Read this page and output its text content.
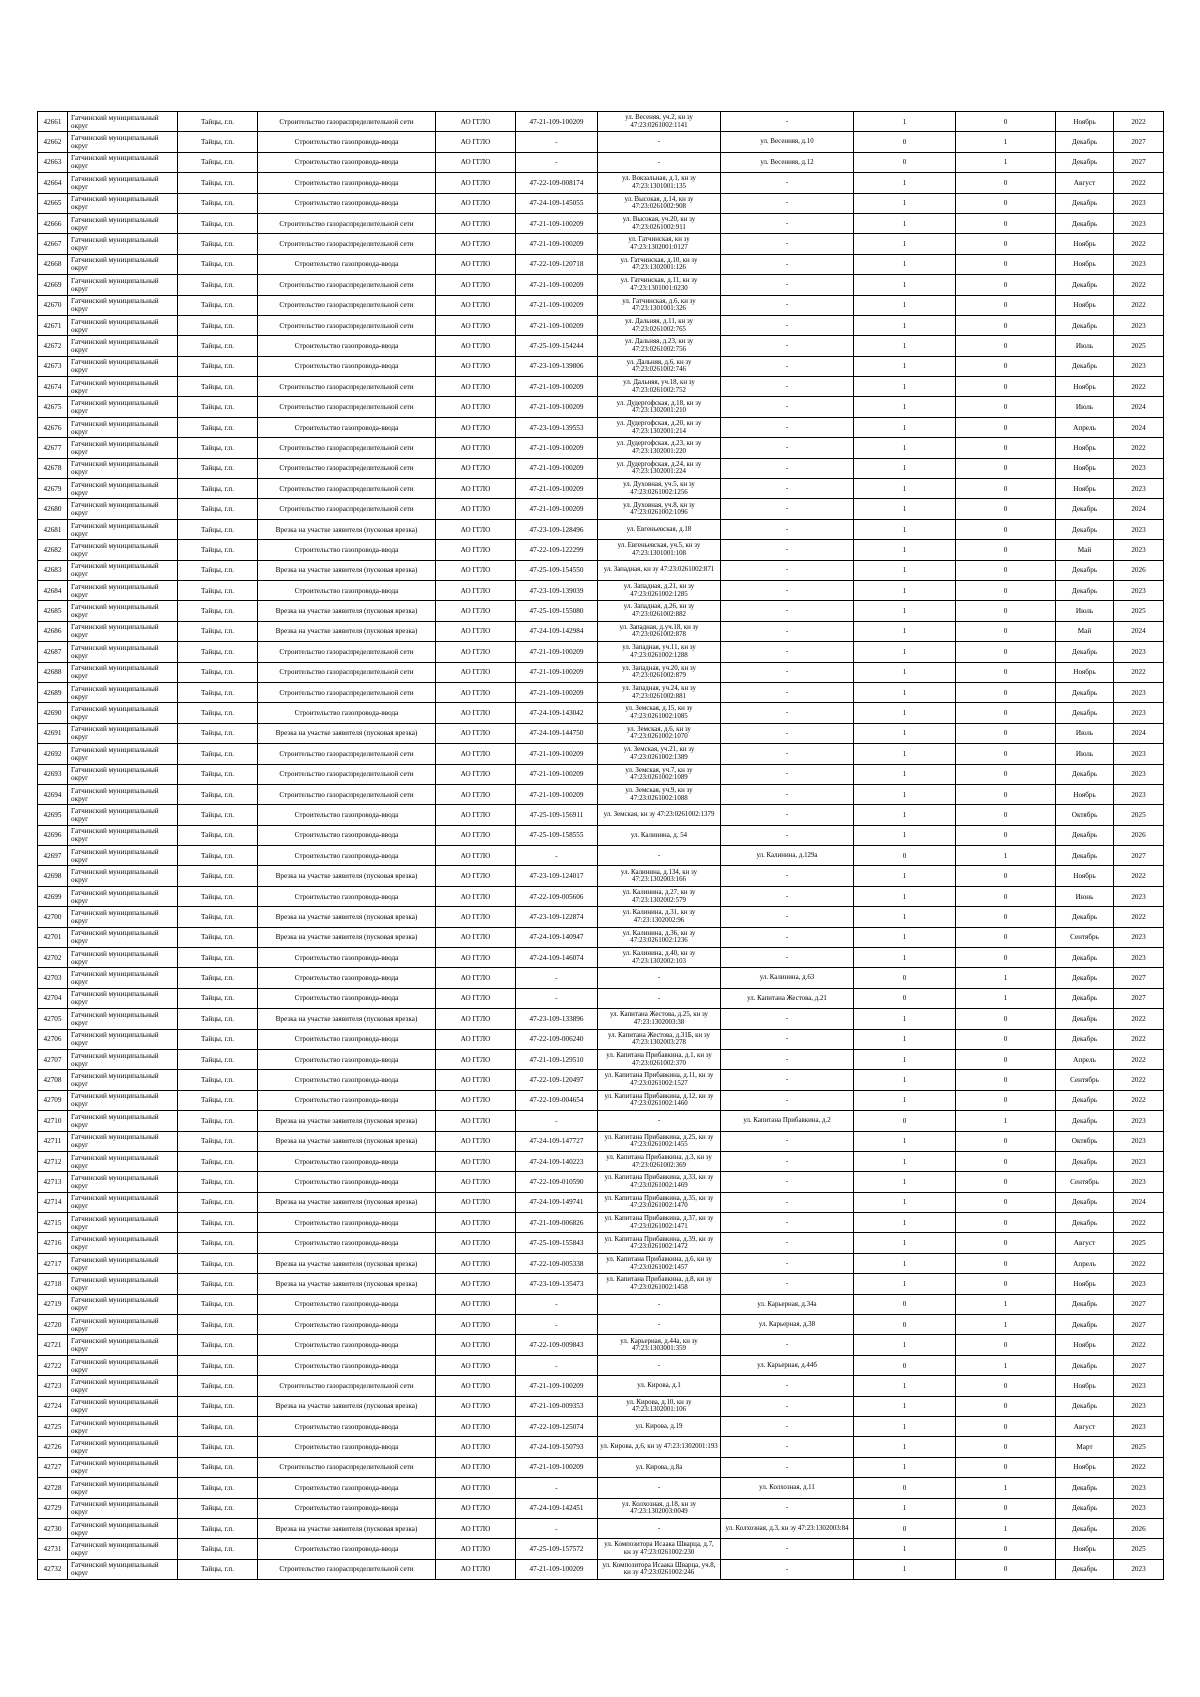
42661	Гатчинский муниципальный округ	Тайцы, г.п.	Строительство газораспределительной сети	АО ГГЛО	47-21-109-100209	ул. Весеняя, уч.2, кн зу 47:23:0261002:1141	-	1	0	Ноябрь	2022
42662	Гатчинский муниципальный округ	Тайцы, г.п.	Строительство газопровода-ввода	АО ГГЛО	-	-	ул. Весенняя, д.10	0	1	Декабрь	2027
42663	Гатчинский муниципальный округ	Тайцы, г.п.	Строительство газопровода-ввода	АО ГГЛО	-	-	ул. Весенняя, д.12	0	1	Декабрь	2027
42664	Гатчинский муниципальный округ	Тайцы, г.п.	Строительство газопровода-ввода	АО ГГЛО	47-22-109-008174	ул. Вокзальная, д.1, кн зу 47:23:1301001:135	-	1	0	Август	2022
42665	Гатчинский муниципальный округ	Тайцы, г.п.	Строительство газопровода-ввода	АО ГГЛО	47-24-109-145055	ул. Высокая, д.14, кн зу 47:23:0261002:908	-	1	0	Декабрь	2023
42666	Гатчинский муниципальный округ	Тайцы, г.п.	Строительство газораспределительной сети	АО ГГЛО	47-21-109-100209	ул. Высокая, уч.20, кн зу 47:23:0261002:911	-	1	0	Декабрь	2023
42667	Гатчинский муниципальный округ	Тайцы, г.п.	Строительство газораспределительной сети	АО ГГЛО	47-21-109-100209	ул. Гатчинская, кн зу 47:23:1302001:0127	-	1	0	Ноябрь	2022
42668	Гатчинский муниципальный округ	Тайцы, г.п.	Строительство газопровода-ввода	АО ГГЛО	47-22-109-120718	ул. Гатчинская, д.10, кн зу 47:23:1302001:126	-	1	0	Ноябрь	2023
42669	Гатчинский муниципальный округ	Тайцы, г.п.	Строительство газораспределительной сети	АО ГГЛО	47-21-109-100209	ул. Гатчинская, д.11, кн зу 47:23:1301001:0230	-	1	0	Декабрь	2022
42670	Гатчинский муниципальный округ	Тайцы, г.п.	Строительство газораспределительной сети	АО ГГЛО	47-21-109-100209	ул. Гатчинская, д.6, кн зу 47:23:1301001:326	-	1	0	Ноябрь	2022
42671	Гатчинский муниципальный округ	Тайцы, г.п.	Строительство газораспределительной сети	АО ГГЛО	47-21-109-100209	ул. Дальняя, д.11, кн зу 47:23:0261002:765	-	1	0	Декабрь	2023
42672	Гатчинский муниципальный округ	Тайцы, г.п.	Строительство газопровода-ввода	АО ГГЛО	47-25-109-154244	ул. Дальняя, д.23, кн зу 47:23:0261002:756	-	1	0	Июль	2025
42673	Гатчинский муниципальный округ	Тайцы, г.п.	Строительство газопровода-ввода	АО ГГЛО	47-23-109-139806	ул. Дальняя, д.6, кн зу 47:23:0261002:746	-	1	0	Декабрь	2023
42674	Гатчинский муниципальный округ	Тайцы, г.п.	Строительство газораспределительной сети	АО ГГЛО	47-21-109-100209	ул. Дальняя, уч.18, кн зу 47:23:0261002:752	-	1	0	Ноябрь	2022
42675	Гатчинский муниципальный округ	Тайцы, г.п.	Строительство газораспределительной сети	АО ГГЛО	47-21-109-100209	ул. Дудергофская, д.18, кн зу 47:23:1302001:210	-	1	0	Июль	2024
42676	Гатчинский муниципальный округ	Тайцы, г.п.	Строительство газопровода-ввода	АО ГГЛО	47-23-109-139553	ул. Дудергофская, д.20, кн зу 47:23:1302001:214	-	1	0	Апрель	2024
42677	Гатчинский муниципальный округ	Тайцы, г.п.	Строительство газораспределительной сети	АО ГГЛО	47-21-109-100209	ул. Дудергофская, д.23, кн зу 47:23:1302001:220	-	1	0	Ноябрь	2022
42678	Гатчинский муниципальный округ	Тайцы, г.п.	Строительство газораспределительной сети	АО ГГЛО	47-21-109-100209	ул. Дудергофская, д.24, кн зу 47:23:1302001:224	-	1	0	Ноябрь	2023
42679	Гатчинский муниципальный округ	Тайцы, г.п.	Строительство газораспределительной сети	АО ГГЛО	47-21-109-100209	ул. Духовная, уч.5, кн зу 47:23:0261002:1256	-	1	0	Ноябрь	2023
42680	Гатчинский муниципальный округ	Тайцы, г.п.	Строительство газораспределительной сети	АО ГГЛО	47-21-109-100209	ул. Духовная, уч.8, кн зу 47:23:0261002:1096	-	1	0	Декабрь	2024
42681	Гатчинский муниципальный округ	Тайцы, г.п.	Врезка на участке заявителя (пусковая врезка)	АО ГГЛО	47-23-109-128496	ул. Евгеньевская, д.18	-	1	0	Декабрь	2023
42682	Гатчинский муниципальный округ	Тайцы, г.п.	Строительство газопровода-ввода	АО ГГЛО	47-22-109-122299	ул. Евгеньевская, уч.5, кн зу 47:23:1301001:108	-	1	0	Май	2023
42683	Гатчинский муниципальный округ	Тайцы, г.п.	Врезка на участке заявителя (пусковая врезка)	АО ГГЛО	47-25-109-154550	ул. Западная, кн зу 47:23:0261002:871	-	1	0	Декабрь	2026
42684	Гатчинский муниципальный округ	Тайцы, г.п.	Строительство газопровода-ввода	АО ГГЛО	47-23-109-139039	ул. Западная, д.21, кн зу 47:23:0261002:1285	-	1	0	Декабрь	2023
42685	Гатчинский муниципальный округ	Тайцы, г.п.	Врезка на участке заявителя (пусковая врезка)	АО ГГЛО	47-25-109-155080	ул. Западная, д.26, кн зу 47:23:0261002:882	-	1	0	Июль	2025
42686	Гатчинский муниципальный округ	Тайцы, г.п.	Врезка на участке заявителя (пусковая врезка)	АО ГГЛО	47-24-109-142984	ул. Западная, д.уч.18, кн зу 47:23:0261002:878	-	1	0	Май	2024
42687	Гатчинский муниципальный округ	Тайцы, г.п.	Строительство газораспределительной сети	АО ГГЛО	47-21-109-100209	ул. Западная, уч.11, кн зу 47:23:0261002:1288	-	1	0	Декабрь	2023
42688	Гатчинский муниципальный округ	Тайцы, г.п.	Строительство газораспределительной сети	АО ГГЛО	47-21-109-100209	ул. Западная, уч.20, кн зу 47:23:0261002:879	-	1	0	Ноябрь	2022
42689	Гатчинский муниципальный округ	Тайцы, г.п.	Строительство газораспределительной сети	АО ГГЛО	47-21-109-100209	ул. Западная, уч.24, кн зу 47:23:0261002:881	-	1	0	Декабрь	2023
42690	Гатчинский муниципальный округ	Тайцы, г.п.	Строительство газопровода-ввода	АО ГГЛО	47-24-109-143042	ул. Земская, д.15, кн зу 47:23:0261002:1085	-	1	0	Декабрь	2023
42691	Гатчинский муниципальный округ	Тайцы, г.п.	Врезка на участке заявителя (пусковая врезка)	АО ГГЛО	47-24-109-144750	ул. Земская, д.6, кн зу 47:23:0261002:1070	-	1	0	Июль	2024
42692	Гатчинский муниципальный округ	Тайцы, г.п.	Строительство газораспределительной сети	АО ГГЛО	47-21-109-100209	ул. Земская, уч.21, кн зу 47:23:0261002:1389	-	1	0	Июль	2023
42693	Гатчинский муниципальный округ	Тайцы, г.п.	Строительство газораспределительной сети	АО ГГЛО	47-21-109-100209	ул. Земская, уч.7, кн зу 47:23:0261002:1089	-	1	0	Декабрь	2023
42694	Гатчинский муниципальный округ	Тайцы, г.п.	Строительство газораспределительной сети	АО ГГЛО	47-21-109-100209	ул. Земская, уч.9, кн зу 47:23:0261002:1088	-	1	0	Ноябрь	2023
42695	Гатчинский муниципальный округ	Тайцы, г.п.	Строительство газопровода-ввода	АО ГГЛО	47-25-109-156911	ул. Земская, кн зу 47:23:0261002:1379	-	1	0	Октябрь	2025
42696	Гатчинский муниципальный округ	Тайцы, г.п.	Строительство газопровода-ввода	АО ГГЛО	47-25-109-158555	ул. Калинина, д. 54	-	1	0	Декабрь	2026
42697	Гатчинский муниципальный округ	Тайцы, г.п.	Строительство газопровода-ввода	АО ГГЛО	-	-	ул. Калинина, д.129а	0	1	Декабрь	2027
42698	Гатчинский муниципальный округ	Тайцы, г.п.	Врезка на участке заявителя (пусковая врезка)	АО ГГЛО	47-23-109-124017	ул. Калинина, д.134, кн зу 47:23:1302003:166	-	1	0	Ноябрь	2022
42699	Гатчинский муниципальный округ	Тайцы, г.п.	Строительство газопровода-ввода	АО ГГЛО	47-22-109-005606	ул. Калинина, д.27, кн зу 47:23:1302002:579	-	1	0	Июнь	2023
42700	Гатчинский муниципальный округ	Тайцы, г.п.	Врезка на участке заявителя (пусковая врезка)	АО ГГЛО	47-23-109-122874	ул. Калинина, д.31, кн зу 47:23:1302002:96	-	1	0	Декабрь	2022
42701	Гатчинский муниципальный округ	Тайцы, г.п.	Врезка на участке заявителя (пусковая врезка)	АО ГГЛО	47-24-109-140947	ул. Калинина, д.36, кн зу 47:23:0261002:1236	-	1	0	Сентябрь	2023
42702	Гатчинский муниципальный округ	Тайцы, г.п.	Строительство газопровода-ввода	АО ГГЛО	47-24-109-146074	ул. Калинина, д.40, кн зу 47:23:1302002:103	-	1	0	Декабрь	2023
42703	Гатчинский муниципальный округ	Тайцы, г.п.	Строительство газопровода-ввода	АО ГГЛО	-	-	ул. Калинина, д.63	0	1	Декабрь	2027
42704	Гатчинский муниципальный округ	Тайцы, г.п.	Строительство газопровода-ввода	АО ГГЛО	-	-	ул. Капитана Жестова, д.21	0	1	Декабрь	2027
42705	Гатчинский муниципальный округ	Тайцы, г.п.	Врезка на участке заявителя (пусковая врезка)	АО ГГЛО	47-23-109-133896	ул. Капитана Жестова, д.25, кн зу 47:23:1302003:38	-	1	0	Декабрь	2022
42706	Гатчинский муниципальный округ	Тайцы, г.п.	Строительство газопровода-ввода	АО ГГЛО	47-22-109-006240	ул. Капитана Жестова, д.31Б, кн зу 47:23:1302003:278	-	1	0	Декабрь	2022
42707	Гатчинский муниципальный округ	Тайцы, г.п.	Строительство газопровода-ввода	АО ГГЛО	47-21-109-129510	ул. Капитана Прибавкина, д.1, кн зу 47:23:0261002:370	-	1	0	Апрель	2022
42708	Гатчинский муниципальный округ	Тайцы, г.п.	Строительство газопровода-ввода	АО ГГЛО	47-22-109-120497	ул. Капитана Прибавкина, д.11, кн зу 47:23:0261002:1527	-	1	0	Сентябрь	2022
42709	Гатчинский муниципальный округ	Тайцы, г.п.	Строительство газопровода-ввода	АО ГГЛО	47-22-109-004654	ул. Капитана Прибавкина, д.12, кн зу 47:23:0261002:1460	-	1	0	Декабрь	2022
42710	Гатчинский муниципальный округ	Тайцы, г.п.	Врезка на участке заявителя (пусковая врезка)	АО ГГЛО	-	-	ул. Капитана Прибавкина, д.2	0	1	Декабрь	2023
42711	Гатчинский муниципальный округ	Тайцы, г.п.	Врезка на участке заявителя (пусковая врезка)	АО ГГЛО	47-24-109-147727	ул. Капитана Прибавкина, д.25, кн зу 47:23:0261002:1455	-	1	0	Октябрь	2023
42712	Гатчинский муниципальный округ	Тайцы, г.п.	Строительство газопровода-ввода	АО ГГЛО	47-24-109-140223	ул. Капитана Прибавкина, д.3, кн зу 47:23:0261002:369	-	1	0	Декабрь	2023
42713	Гатчинский муниципальный округ	Тайцы, г.п.	Строительство газопровода-ввода	АО ГГЛО	47-22-109-010590	ул. Капитана Прибавкина, д.33, кн зу 47:23:0261002:1469	-	1	0	Сентябрь	2023
42714	Гатчинский муниципальный округ	Тайцы, г.п.	Врезка на участке заявителя (пусковая врезка)	АО ГГЛО	47-24-109-149741	ул. Капитана Прибавкина, д.35, кн зу 47:23:0261002:1470	-	1	0	Декабрь	2024
42715	Гатчинский муниципальный округ	Тайцы, г.п.	Строительство газопровода-ввода	АО ГГЛО	47-21-109-006826	ул. Капитана Прибавкина, д.37, кн зу 47:23:0261002:1471	-	1	0	Декабрь	2022
42716	Гатчинский муниципальный округ	Тайцы, г.п.	Строительство газопровода-ввода	АО ГГЛО	47-25-109-155843	ул. Капитана Прибавкина, д.39, кн зу 47:23:0261002:1472	-	1	0	Август	2025
42717	Гатчинский муниципальный округ	Тайцы, г.п.	Врезка на участке заявителя (пусковая врезка)	АО ГГЛО	47-22-109-005338	ул. Капитана Прибавкина, д.6, кн зу 47:23:0261002:1457	-	1	0	Апрель	2022
42718	Гатчинский муниципальный округ	Тайцы, г.п.	Врезка на участке заявителя (пусковая врезка)	АО ГГЛО	47-23-109-135473	ул. Капитана Прибавкина, д.8, кн зу 47:23:0261002:1458	-	1	0	Ноябрь	2023
42719	Гатчинский муниципальный округ	Тайцы, г.п.	Строительство газопровода-ввода	АО ГГЛО	-	-	ул. Карьерная, д.34а	0	1	Декабрь	2027
42720	Гатчинский муниципальный округ	Тайцы, г.п.	Строительство газопровода-ввода	АО ГГЛО	-	-	ул. Карьерная, д.38	0	1	Декабрь	2027
42721	Гатчинский муниципальный округ	Тайцы, г.п.	Строительство газопровода-ввода	АО ГГЛО	47-22-109-009843	ул. Карьерная, д.44а, кн зу 47:23:1303001:359	-	1	0	Ноябрь	2022
42722	Гатчинский муниципальный округ	Тайцы, г.п.	Строительство газопровода-ввода	АО ГГЛО	-	-	ул. Карьерная, д.44б	0	1	Декабрь	2027
42723	Гатчинский муниципальный округ	Тайцы, г.п.	Строительство газораспределительной сети	АО ГГЛО	47-21-109-100209	ул. Кирова, д.1	-	1	0	Ноябрь	2023
42724	Гатчинский муниципальный округ	Тайцы, г.п.	Врезка на участке заявителя (пусковая врезка)	АО ГГЛО	47-21-109-009353	ул. Кирова, д.10, кн зу 47:23:1302001:106	-	1	0	Декабрь	2023
42725	Гатчинский муниципальный округ	Тайцы, г.п.	Строительство газопровода-ввода	АО ГГЛО	47-22-109-125074	ул. Кирова, д.19	-	1	0	Август	2023
42726	Гатчинский муниципальный округ	Тайцы, г.п.	Строительство газопровода-ввода	АО ГГЛО	47-24-109-150793	ул. Кирова, д.6, кн зу 47:23:1302001:193	-	1	0	Март	2025
42727	Гатчинский муниципальный округ	Тайцы, г.п.	Строительство газораспределительной сети	АО ГГЛО	47-21-109-100209	ул. Кирова, д.8а	-	1	0	Ноябрь	2022
42728	Гатчинский муниципальный округ	Тайцы, г.п.	Строительство газопровода-ввода	АО ГГЛО	-	-	ул. Колхозная, д.11	0	1	Декабрь	2023
42729	Гатчинский муниципальный округ	Тайцы, г.п.	Строительство газопровода-ввода	АО ГГЛО	47-24-109-142451	ул. Колхозная, д.18, кн зу 47:23:1302003:0049	-	1	0	Декабрь	2023
42730	Гатчинский муниципальный округ	Тайцы, г.п.	Врезка на участке заявителя (пусковая врезка)	АО ГГЛО	-	-	ул. Колхозная, д.3, кн зу 47:23:1302003:84	0	1	Декабрь	2026
42731	Гатчинский муниципальный округ	Тайцы, г.п.	Строительство газопровода-ввода	АО ГГЛО	47-25-109-157572	ул. Композитора Исаака Шварца, д.7, кн зу 47:23:0261002:230	-	1	0	Ноябрь	2025
42732	Гатчинский муниципальный округ	Тайцы, г.п.	Строительство газораспределительной сети	АО ГГЛО	47-21-109-100209	ул. Композитора Исаака Шварца, уч.8, кн зу 47:23:0261002:246	-	1	0	Декабрь	2023
